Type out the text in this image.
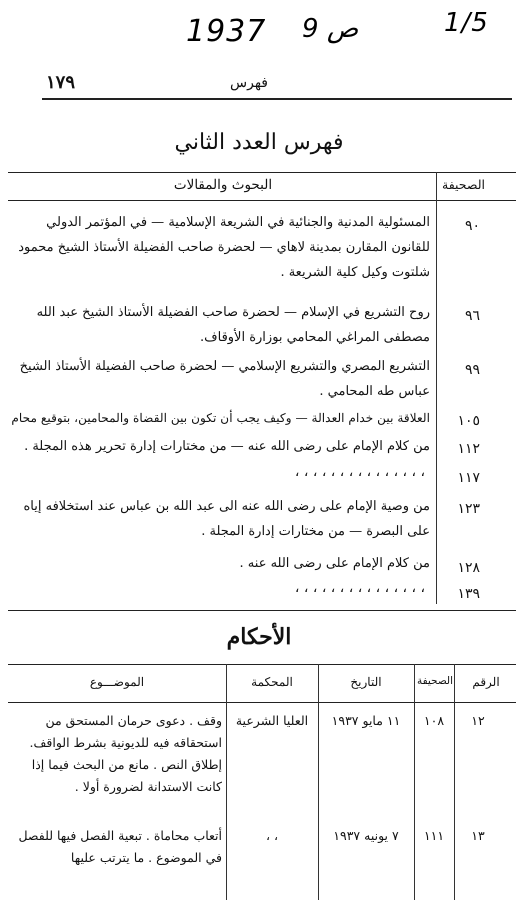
1937 9 ص	1/5
١٧٩	فهرس
فهرس العدد الثاني
الصحيفة
البحوث والمقالات
٩٠
المسئولية المدنية والجنائية في الشريعة الإسلامية — في المؤتمر الدولي للقانون المقارن بمدينة لاهاي — لحضرة صاحب الفضيلة الأستاذ الشيخ محمود شلتوت وكيل كلية الشريعة .
٩٦
روح التشريع في الإسلام — لحضرة صاحب الفضيلة الأستاذ الشيخ عبد الله مصطفى المراغي المحامي بوزارة الأوقاف.
٩٩
التشريع المصري والتشريع الإسلامي — لحضرة صاحب الفضيلة الأستاذ الشيخ عباس طه المحامي .
١٠٥
العلاقة بين خدام العدالة — وكيف يجب أن تكون بين القضاة والمحامين، بتوقيع محام
١١٢
من كلام الإمام على رضى الله عنه — من مختارات إدارة تحرير هذه المجلة .
١١٧
، ، ، ، ، ، ، ، ، ، ، ، ، ، ،
١٢٣
من وصية الإمام على رضى الله عنه الى عبد الله بن عباس عند استخلافه إياه على البصرة — من مختارات إدارة المجلة .
١٢٨
من كلام الإمام على رضى الله عنه .
١٣٩
، ، ، ، ، ، ، ، ، ، ، ، ، ، ،
الأحكام
الرقم
الصحيفة
التاريخ
المحكمة
الموضـــوع
١٢
١٠٨
١١ مايو ١٩٣٧
العليا الشرعية
وقف . دعوى حرمان المستحق من استحقاقه فيه للديونية بشرط الواقف. إطلاق النص . مانع من البحث فيما إذا كانت الاستدانة لضرورة أولا .
١٣
١١١
٧ يونيه ١٩٣٧
، ،
أتعاب محاماة . تبعية الفصل فيها للفصل في الموضوع . ما يترتب عليها
